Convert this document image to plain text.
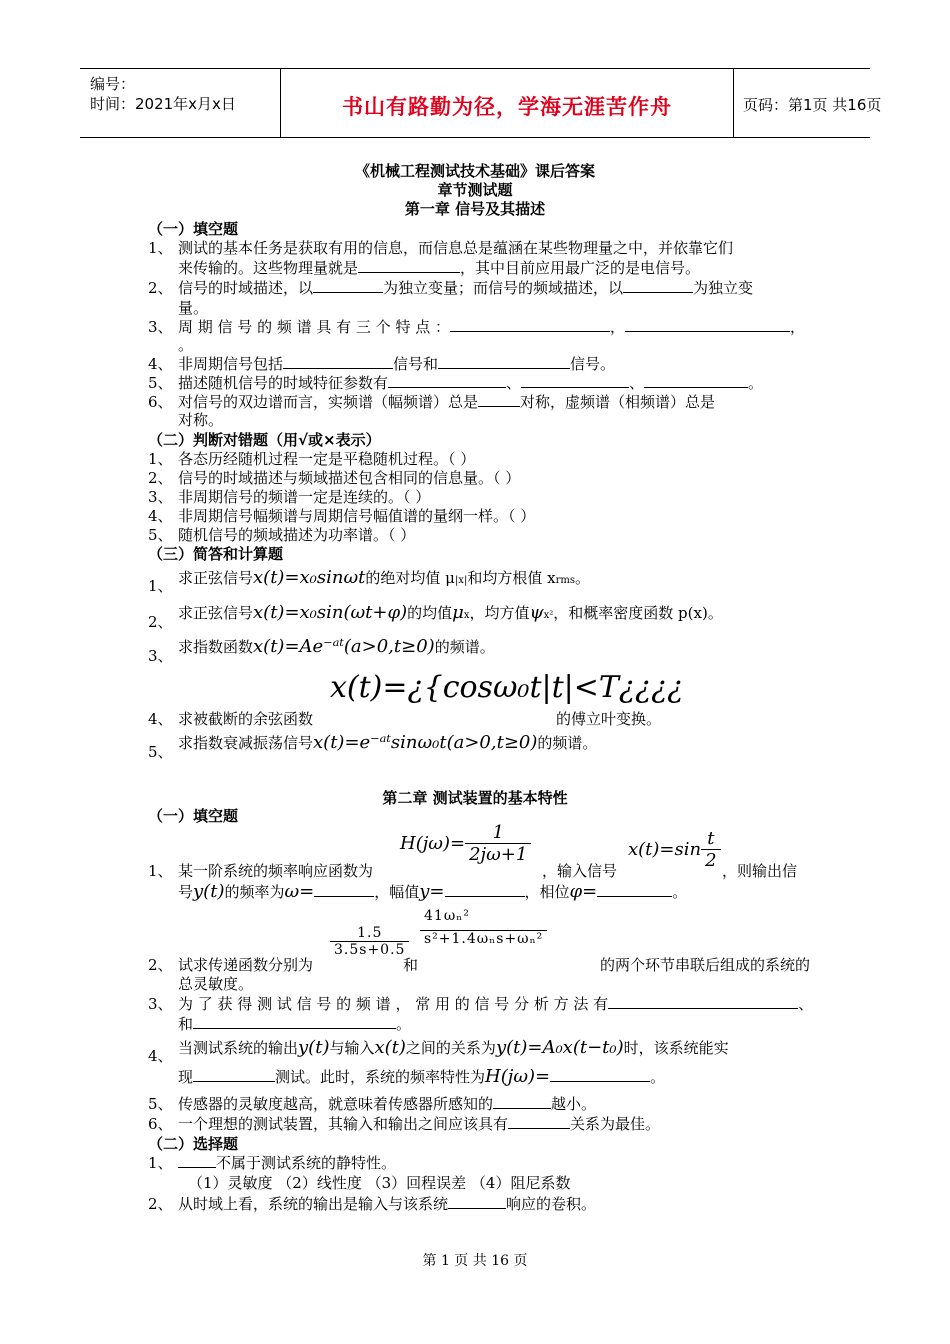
编号：
时间：2021年x月x日	书山有路勤为径，学海无涯苦作舟	页码：第1页 共16页
《机械工程测试技术基础》课后答案
章节测试题
第一章 信号及其描述
（一）填空题
1、 测试的基本任务是获取有用的信息，而信息总是蕴涵在某些物理量之中，并依靠它们
来传输的。这些物理量就是	，其中目前应用最广泛的是电信号。
2、 信号的时域描述，以	为独立变量；而信号的频域描述，以	为独立变
量。
3、 周 期 信 号 的 频 谱 具 有 三 个 特 点 ：	，	，
。
4、 非周期信号包括	信号和	信号。
5、 描述随机信号的时域特征参数有	、	、	。
6、 对信号的双边谱而言，实频谱（幅频谱）总是	对称，虚频谱（相频谱）总是
对称。
（二）判断对错题（用√或×表示）
1、 各态历经随机过程一定是平稳随机过程。（ ）
2、 信号的时域描述与频域描述包含相同的信息量。（ ）
3、 非周期信号的频谱一定是连续的。（ ）
4、 非周期信号幅频谱与周期信号幅值谱的量纲一样。（ ）
5、 随机信号的频域描述为功率谱。（ ）
（三）简答和计算题
1、 求正弦信号x(t)=x₀sinωt的绝对均值 μ|x|和均方根值 xrms。
2、 求正弦信号x(t)=x₀sin(ωt+φ)的均值μx，均方值ψx²，和概率密度函数 p(x)。
3、 求指数函数x(t)=Ae⁻ᵃᵗ(a>0,t≥0)的频谱。
4、 求被截断的余弦函数
x(t)=¿{cosω₀t|t|<T¿¿¿¿
的傅立叶变换。
5、 求指数衰减振荡信号x(t)=e⁻ᵃᵗsinω₀t(a>0,t≥0)的频谱。
第二章 测试装置的基本特性
（一）填空题
1、 某一阶系统的频率响应函数为
$H(j\omega)= \frac{1}{2j\omega+1}$
，输入信号
$x(t)=\sin \frac{t}{2}$ ，则输出信
号y(t)的频率为ω=	，幅值y=	，相位φ=	。
2、 试求传递函数分别为
$\frac{1.5}{3.5s+0.5}$
和
$\frac{\text{41ωₙ²}}{\text{s²+1.4ωₙs+ωₙ²}}$
的两个环节串联后组成的系统的
总灵敏度。
3、 为 了 获 得 测 试 信 号 的 频 谱 ， 常 用 的 信 号 分 析 方 法 有	、
和	。
4、 当测试系统的输出y(t)与输入x(t)之间的关系为y(t)=A₀x(t−t₀)时，该系统能实
现	测试。此时，系统的频率特性为H(jω)=	。
5、 传感器的灵敏度越高，就意味着传感器所感知的	越小。
6、 一个理想的测试装置，其输入和输出之间应该具有	关系为最佳。
（二）选择题
1、	不属于测试系统的静特性。
（1）灵敏度 （2）线性度 （3）回程误差 （4）阻尼系数
2、 从时域上看，系统的输出是输入与该系统	响应的卷积。
第 1 页 共 16 页
